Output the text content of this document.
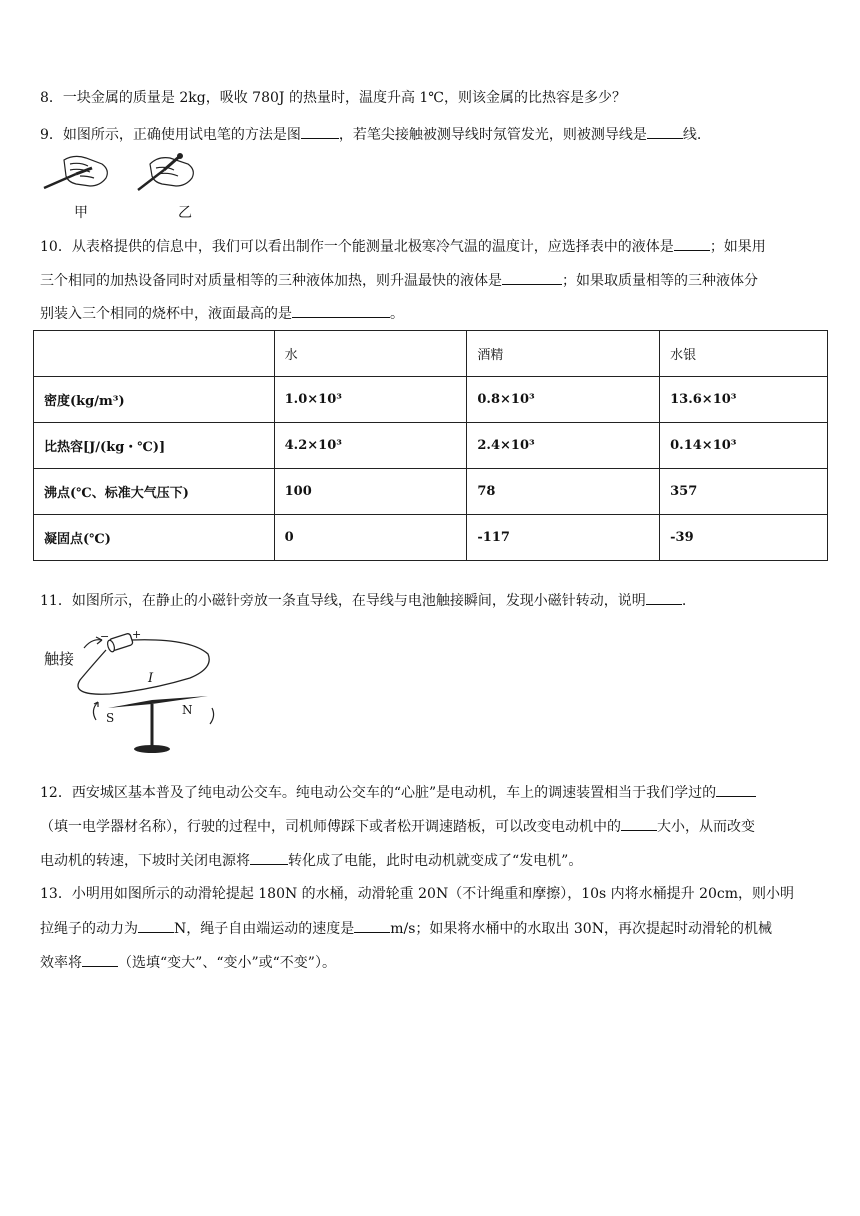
8．一块金属的质量是 2kg，吸收 780J 的热量时，温度升高 1℃，则该金属的比热容是多少？
9．如图所示，正确使用试电笔的方法是图	，若笔尖接触被测导线时氖管发光，则被测导线是	线.
甲	乙
10．从表格提供的信息中，我们可以看出制作一个能测量北极寒冷气温的温度计，应选择表中的液体是	；如果用
三个相同的加热设备同时对质量相等的三种液体加热，则升温最快的液体是	；如果取质量相等的三种液体分
别装入三个相同的烧杯中，液面最高的是	。
	水	酒精	水银
密度(kg/m³)	1.0×10³	0.8×10³	13.6×10³
比热容[J/(kg・℃)]	4.2×10³	2.4×10³	0.14×10³
沸点(℃、标准大气压下)	100	78	357
凝固点(℃)	0	-117	-39
11．如图所示，在静止的小磁针旁放一条直导线，在导线与电池触接瞬间，发现小磁针转动，说明	.
触接
− +
I
S
N
12．西安城区基本普及了纯电动公交车。纯电动公交车的“心脏”是电动机，车上的调速装置相当于我们学过的
（填一电学器材名称），行驶的过程中，司机师傅踩下或者松开调速踏板，可以改变电动机中的	大小，从而改变
电动机的转速，下坡时关闭电源将	转化成了电能，此时电动机就变成了“发电机”。
13．小明用如图所示的动滑轮提起 180N 的水桶，动滑轮重 20N（不计绳重和摩擦），10s 内将水桶提升 20cm，则小明
拉绳子的动力为	N，绳子自由端运动的速度是	m/s；如果将水桶中的水取出 30N，再次提起时动滑轮的机械
效率将	（选填“变大”、“变小”或“不变”）。
